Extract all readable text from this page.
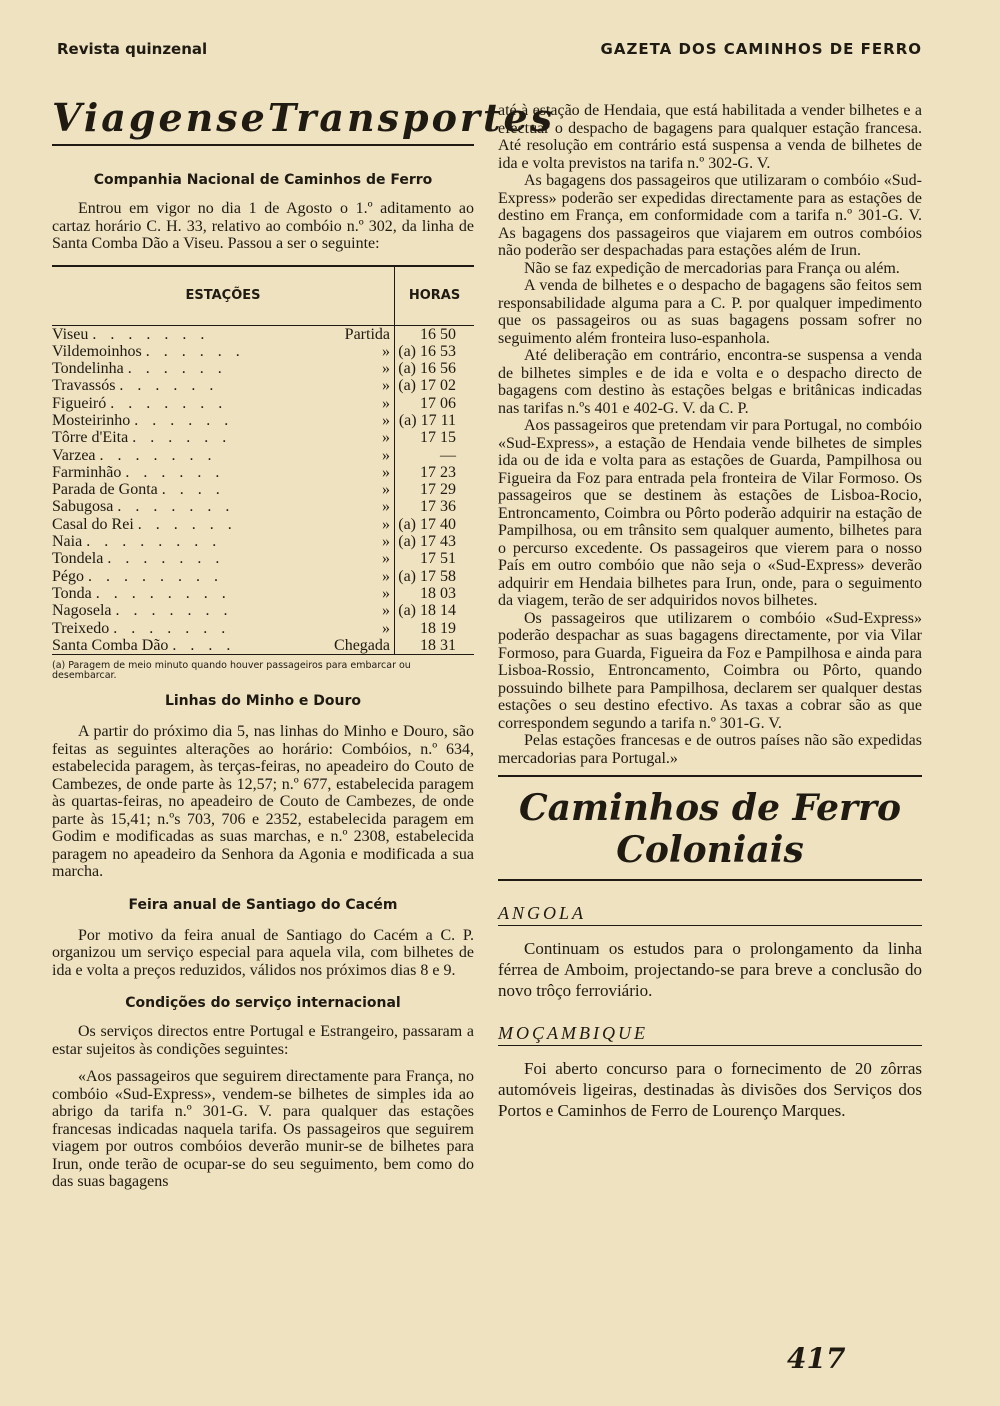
Revista quinzenal	GAZETA DOS CAMINHOS DE FERRO
Viagens e Transportes
Companhia Nacional de Caminhos de Ferro

Entrou em vigor no dia 1 de Agosto o 1.º aditamento ao cartaz horário C. H. 33, relativo ao combóio n.º 302, da linha de Santa Comba Dão a Viseu. Passou a ser o seguinte:

ESTAÇÕES		HORAS
Viseu . . . . . . .	Partida	16 50
Vildemoinhos . . . . . .	»	(a) 16 53
Tondelinha . . . . . .	»	(a) 16 56
Travassós . . . . . .	»	(a) 17 02
Figueiró . . . . . . .	»	17 06
Mosteirinho . . . . . .	»	(a) 17 11
Tôrre d'Eita . . . . . .	»	17 15
Varzea . . . . . . .	»	—
Farminhão . . . . . .	»	17 23
Parada de Gonta . . . .	»	17 29
Sabugosa . . . . . . .	»	17 36
Casal do Rei . . . . . .	»	(a) 17 40
Naia . . . . . . . .	»	(a) 17 43
Tondela . . . . . . .	»	17 51
Pégo . . . . . . . .	»	(a) 17 58
Tonda . . . . . . . .	»	18 03
Nagosela . . . . . . .	»	(a) 18 14
Treixedo . . . . . . .	»	18 19
Santa Comba Dão . . . .	Chegada	18 31
(a) Paragem de meio minuto quando houver passageiros para embarcar ou desembarcar.
Linhas do Minho e Douro

A partir do próximo dia 5, nas linhas do Minho e Douro, são feitas as seguintes alterações ao horário: Combóios, n.º 634, estabelecida paragem, às terças-feiras, no apeadeiro do Couto de Cambezes, de onde parte às 12,57; n.º 677, estabelecida paragem às quartas-feiras, no apeadeiro de Couto de Cambezes, de onde parte às 15,41; n.ºs 703, 706 e 2352, estabelecida paragem em Godim e modificadas as suas marchas, e n.º 2308, estabelecida paragem no apeadeiro da Senhora da Agonia e modificada a sua marcha.

Feira anual de Santiago do Cacém

Por motivo da feira anual de Santiago do Cacém a C. P. organizou um serviço especial para aquela vila, com bilhetes de ida e volta a preços reduzidos, válidos nos próximos dias 8 e 9.

Condições do serviço internacional

Os serviços directos entre Portugal e Estrangeiro, passaram a estar sujeitos às condições seguintes:

«Aos passageiros que seguirem directamente para França, no combóio «Sud-Express», vendem-se bilhetes de simples ida ao abrigo da tarifa n.º 301-G. V. para qualquer das estações francesas indicadas naquela tarifa. Os passageiros que seguirem viagem por outros combóios deverão munir-se de bilhetes para Irun, onde terão de ocupar-se do seu seguimento, bem como do das suas bagagens

até à estação de Hendaia, que está habilitada a vender bilhetes e a efectuar o despacho de bagagens para qualquer estação francesa. Até resolução em contrário está suspensa a venda de bilhetes de ida e volta previstos na tarifa n.º 302-G. V.

As bagagens dos passageiros que utilizaram o combóio «Sud-Express» poderão ser expedidas directamente para as estações de destino em França, em conformidade com a tarifa n.º 301-G. V. As bagagens dos passageiros que viajarem em outros combóios não poderão ser despachadas para estações além de Irun.

Não se faz expedição de mercadorias para França ou além.

A venda de bilhetes e o despacho de bagagens são feitos sem responsabilidade alguma para a C. P. por qualquer impedimento que os passageiros ou as suas bagagens possam sofrer no seguimento além fronteira luso-espanhola.

Até deliberação em contrário, encontra-se suspensa a venda de bilhetes simples e de ida e volta e o despacho directo de bagagens com destino às estações belgas e britânicas indicadas nas tarifas n.ºs 401 e 402-G. V. da C. P.

Aos passageiros que pretendam vir para Portugal, no combóio «Sud-Express», a estação de Hendaia vende bilhetes de simples ida ou de ida e volta para as estações de Guarda, Pampilhosa ou Figueira da Foz para entrada pela fronteira de Vilar Formoso. Os passageiros que se destinem às estações de Lisboa-Rocio, Entroncamento, Coimbra ou Pôrto poderão adquirir na estação de Pampilhosa, ou em trânsito sem qualquer aumento, bilhetes para o percurso excedente. Os passageiros que vierem para o nosso País em outro combóio que não seja o «Sud-Express» deverão adquirir em Hendaia bilhetes para Irun, onde, para o seguimento da viagem, terão de ser adquiridos novos bilhetes.

Os passageiros que utilizarem o combóio «Sud-Express» poderão despachar as suas bagagens directamente, por via Vilar Formoso, para Guarda, Figueira da Foz e Pampilhosa e ainda para Lisboa-Rossio, Entroncamento, Coimbra ou Pôrto, quando possuindo bilhete para Pampilhosa, declarem ser qualquer destas estações o seu destino efectivo. As taxas a cobrar são as que correspondem segundo a tarifa n.º 301-G. V.

Pelas estações francesas e de outros países não são expedidas mercadorias para Portugal.»

Caminhos de Ferro Coloniais
ANGOLA

Continuam os estudos para o prolongamento da linha férrea de Amboim, projectando-se para breve a conclusão do novo trôço ferroviário.

MOÇAMBIQUE

Foi aberto concurso para o fornecimento de 20 zôrras automóveis ligeiras, destinadas às divisões dos Serviços dos Portos e Caminhos de Ferro de Lourenço Marques.

417
